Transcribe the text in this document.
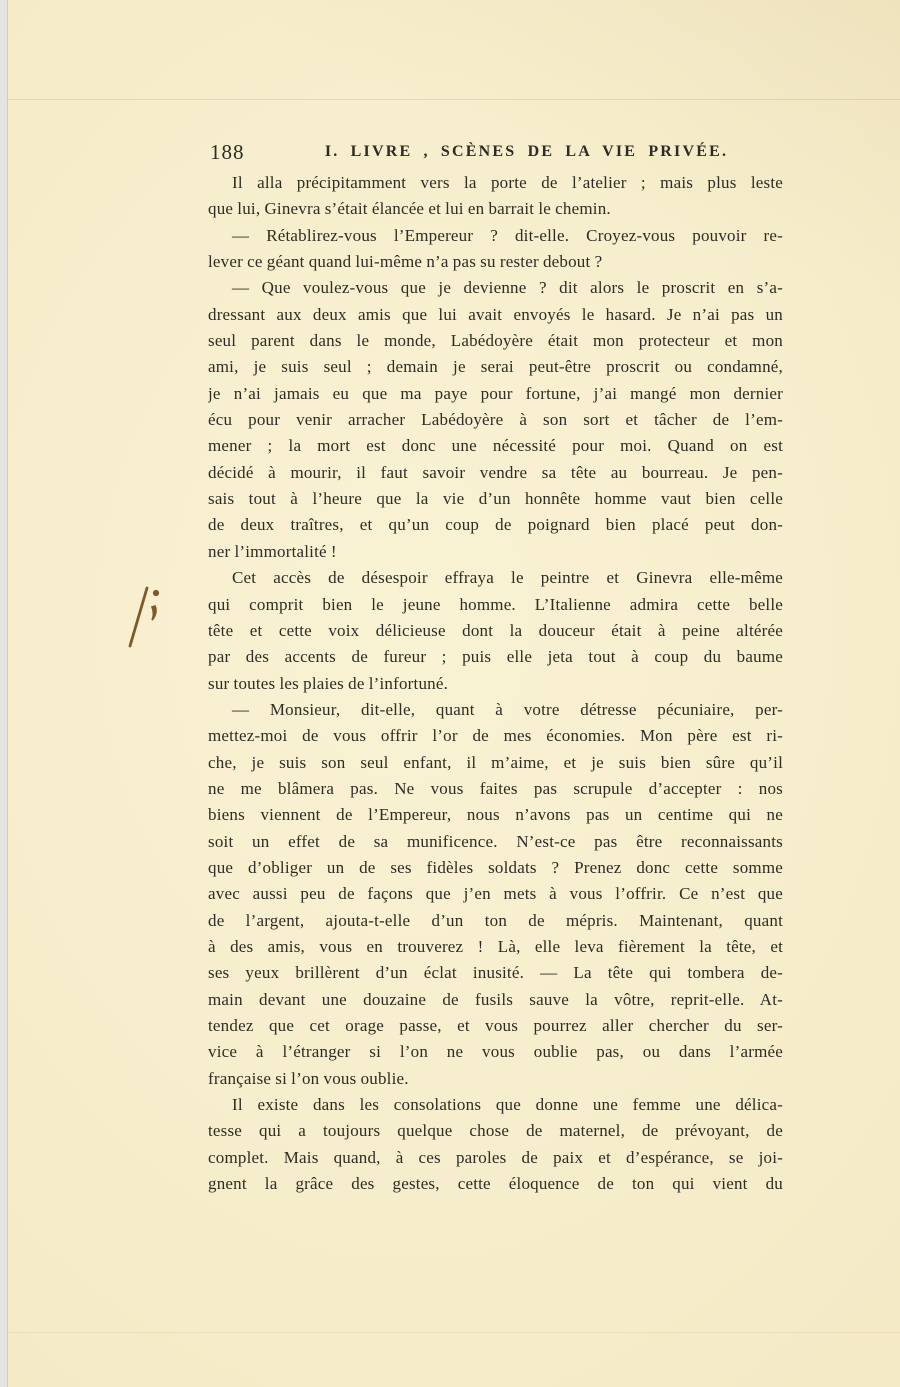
188	I. LIVRE , SCÈNES DE LA VIE PRIVÉE.
Il alla précipitamment vers la porte de l’atelier ; mais plus leste
que lui, Ginevra s’était élancée et lui en barrait le chemin.
— Rétablirez-vous l’Empereur ? dit-elle. Croyez-vous pouvoir re-
lever ce géant quand lui-même n’a pas su rester debout ?
— Que voulez-vous que je devienne ? dit alors le proscrit en s’a-
dressant aux deux amis que lui avait envoyés le hasard. Je n’ai pas un
seul parent dans le monde, Labédoyère était mon protecteur et mon
ami, je suis seul ; demain je serai peut-être proscrit ou condamné,
je n’ai jamais eu que ma paye pour fortune, j’ai mangé mon dernier
écu pour venir arracher Labédoyère à son sort et tâcher de l’em-
mener ; la mort est donc une nécessité pour moi. Quand on est
décidé à mourir, il faut savoir vendre sa tête au bourreau. Je pen-
sais tout à l’heure que la vie d’un honnête homme vaut bien celle
de deux traîtres, et qu’un coup de poignard bien placé peut don-
ner l’immortalité !
Cet accès de désespoir effraya le peintre et Ginevra elle-même
qui comprit bien le jeune homme. L’Italienne admira cette belle
tête et cette voix délicieuse dont la douceur était à peine altérée
par des accents de fureur ; puis elle jeta tout à coup du baume
sur toutes les plaies de l’infortuné.
— Monsieur, dit-elle, quant à votre détresse pécuniaire, per-
mettez-moi de vous offrir l’or de mes économies. Mon père est ri-
che, je suis son seul enfant, il m’aime, et je suis bien sûre qu’il
ne me blâmera pas. Ne vous faites pas scrupule d’accepter : nos
biens viennent de l’Empereur, nous n’avons pas un centime qui ne
soit un effet de sa munificence. N’est-ce pas être reconnaissants
que d’obliger un de ses fidèles soldats ? Prenez donc cette somme
avec aussi peu de façons que j’en mets à vous l’offrir. Ce n’est que
de l’argent, ajouta-t-elle d’un ton de mépris. Maintenant, quant
à des amis, vous en trouverez ! Là, elle leva fièrement la tête, et
ses yeux brillèrent d’un éclat inusité. — La tête qui tombera de-
main devant une douzaine de fusils sauve la vôtre, reprit-elle. At-
tendez que cet orage passe, et vous pourrez aller chercher du ser-
vice à l’étranger si l’on ne vous oublie pas, ou dans l’armée
française si l’on vous oublie.
Il existe dans les consolations que donne une femme une délica-
tesse qui a toujours quelque chose de maternel, de prévoyant, de
complet. Mais quand, à ces paroles de paix et d’espérance, se joi-
gnent la grâce des gestes, cette éloquence de ton qui vient du
